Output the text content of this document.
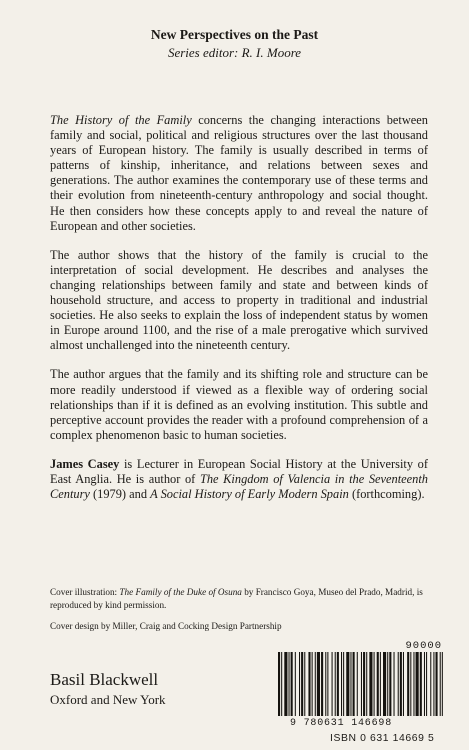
New Perspectives on the Past
Series editor: R. I. Moore

The History of the Family concerns the changing interactions between family and social, political and religious structures over the last thousand years of European history. The family is usually described in terms of patterns of kinship, inheritance, and relations between sexes and generations. The author examines the contemporary use of these terms and their evolution from nineteenth-century anthropology and social thought. He then considers how these concepts apply to and reveal the nature of European and other societies.

The author shows that the history of the family is crucial to the interpretation of social development. He describes and analyses the changing relationships between family and state and between kinds of household structure, and access to property in traditional and industrial societies. He also seeks to explain the loss of independent status by women in Europe around 1100, and the rise of a male prerogative which survived almost unchallenged into the nineteenth century.

The author argues that the family and its shifting role and structure can be more readily understood if viewed as a flexible way of ordering social relationships than if it is defined as an evolving institution. This subtle and perceptive account provides the reader with a profound comprehension of a complex phenomenon basic to human societies.

James Casey is Lecturer in European Social History at the University of East Anglia. He is author of The Kingdom of Valencia in the Seventeenth Century (1979) and A Social History of Early Modern Spain (forthcoming).

Cover illustration: The Family of the Duke of Osuna by Francisco Goya, Museo del Prado, Madrid, is reproduced by kind permission.

Cover design by Miller, Craig and Cocking Design Partnership

Basil Blackwell
Oxford and New York
90000
9 780631 146698
ISBN 0 631 14669 5
